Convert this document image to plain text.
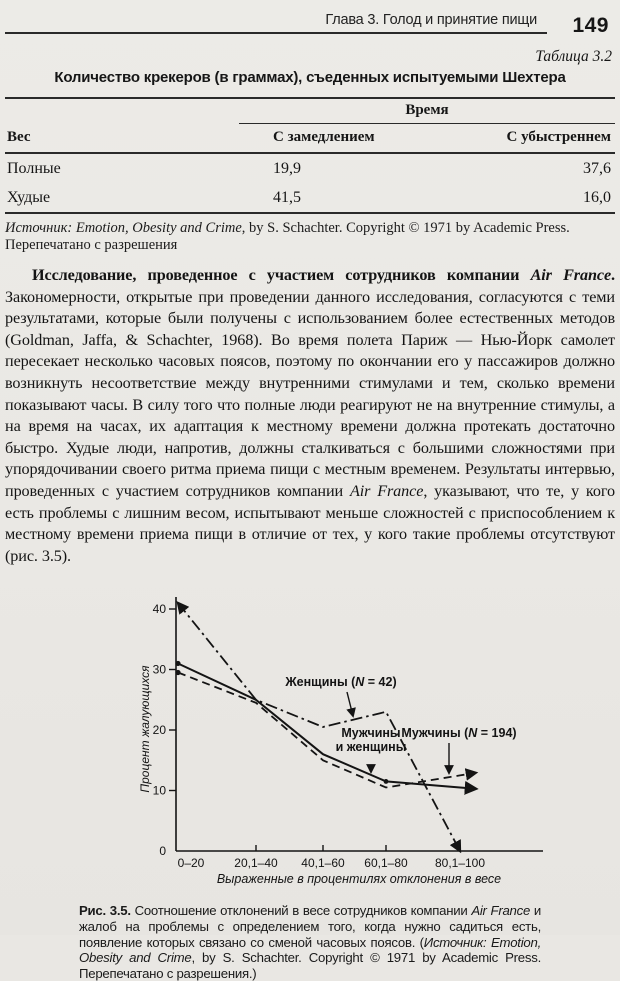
Глава 3. Голод и принятие пищи	149
Таблица 3.2
Количество крекеров (в граммах), съеденных испытуемыми Шехтера
Время
Вес	С замедлением	С убыстреннем
Полные	19,9	37,6
Худые	41,5	16,0
Источник: Emotion, Obesity and Crime, by S. Schachter. Copyright © 1971 by Academic Press.
Перепечатано с разрешения

Исследование, проведенное с участием сотрудников компании Air France. Закономерности, открытые при проведении данного исследования, согласуются с теми результатами, которые были получены с использованием более естественных методов (Goldman, Jaffa, & Schachter, 1968). Во время полета Париж — Нью-Йорк самолет пересекает несколько часовых поясов, поэтому по окончании его у пассажиров должно возникнуть несоответствие между внутренними стимулами и тем, сколько времени показывают часы. В силу того что полные люди реагируют не на внутренние стимулы, а на время на часах, их адаптация к местному времени должна протекать достаточно быстро. Худые люди, напротив, должны сталкиваться с большими сложностями при упорядочивании своего ритма приема пищи с местным временем. Результаты интервью, проведенных с участием сотрудников компании Air France, указывают, что те, у кого есть проблемы с лишним весом, испытывают меньше сложностей с приспособлением к местному времени приема пищи в отличие от тех, у кого такие проблемы отсутствуют (рис. 3.5).

0
10
20
30
40
0–20 20,1–40 40,1–60 60,1–80 80,1–100
Процент жалующихся
Выраженные в процентилях отклонения в весе
Женщины (N = 42)
Мужчины
и женщины
Мужчины (N = 194)
Рис. 3.5. Соотношение отклонений в весе сотрудников компании Air France и жалоб на проблемы с определением того, когда нужно садиться есть, появление которых связано со сменой часовых поясов. (Источник: Emotion, Obesity and Crime, by S. Schachter. Copyright © 1971 by Academic Press. Перепечатано с разрешения.)
